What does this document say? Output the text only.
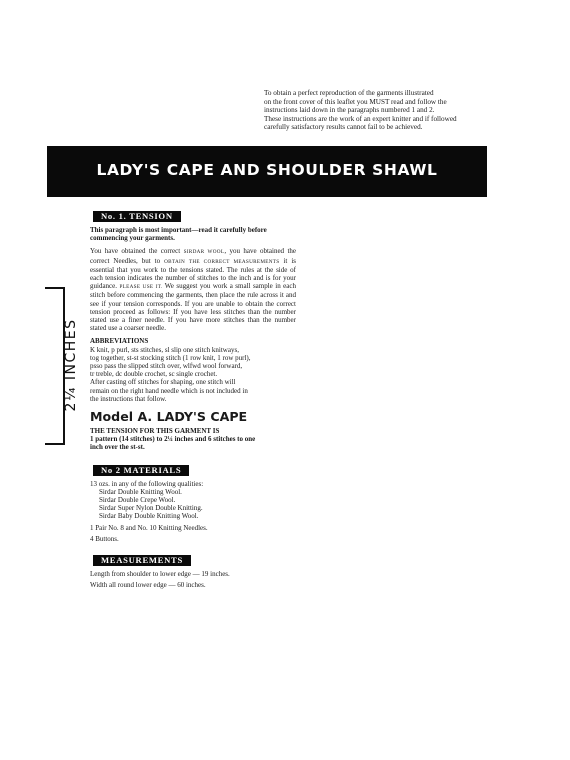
To obtain a perfect reproduction of the garments illustrated
on the front cover of this leaflet you MUST read and follow the
instructions laid down in the paragraphs numbered 1 and 2.
These instructions are the work of an expert knitter and if followed
carefully satisfactory results cannot fail to be achieved.
LADY'S CAPE AND SHOULDER SHAWL
2¼ INCHES
No. 1. TENSION
This paragraph is most important—read it carefully before commencing your garments.
You have obtained the correct SIRDAR WOOL, you have obtained the correct Needles, but to OBTAIN THE CORRECT MEASUREMENTS it is essential that you work to the tensions stated. The rules at the side of each tension indicates the number of stitches to the inch and is for your guidance. PLEASE USE IT. We suggest you work a small sample in each stitch before commencing the garments, then place the rule across it and see if your tension corresponds. If you are unable to obtain the correct tension proceed as follows: If you have less stitches than the number stated use a finer needle. If you have more stitches than the number stated use a coarser needle.
ABBREVIATIONS
K knit, p purl, sts stitches, sl slip one stitch knitways,
tog together, st-st stocking stitch (1 row knit, 1 row purl),
psso pass the slipped stitch over, wlfwd wool forward,
tr treble, dc double crochet, sc single crochet.
After casting off stitches for shaping, one stitch will
remain on the right hand needle which is not included in
the instructions that follow.
Model A. LADY'S CAPE
THE TENSION FOR THIS GARMENT IS
1 pattern (14 stitches) to 2¼ inches and 6 stitches to one
inch over the st-st.
No 2 MATERIALS
13 ozs. in any of the following qualities:
Sirdar Double Knitting Wool.
Sirdar Double Crepe Wool.
Sirdar Super Nylon Double Knitting.
Sirdar Baby Double Knitting Wool.
1 Pair No. 8 and No. 10 Knitting Needles.
4 Buttons.
MEASUREMENTS
Length from shoulder to lower edge — 19 inches.
Width all round lower edge — 60 inches.
